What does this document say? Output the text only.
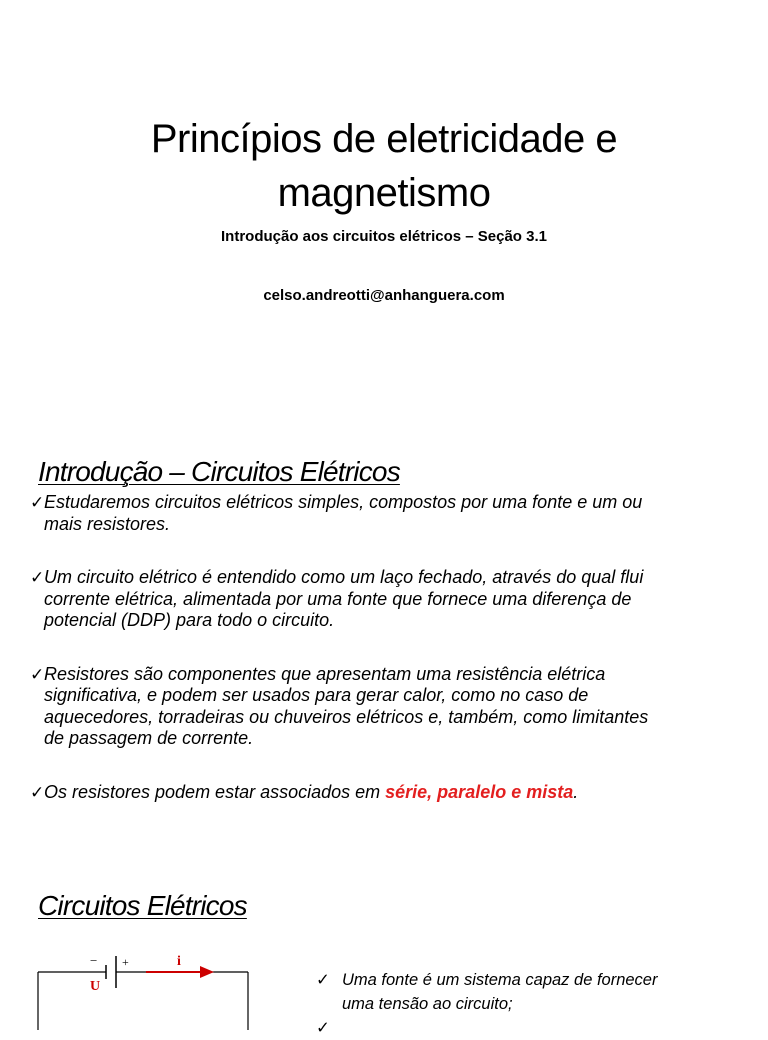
Princípios de eletricidade e
magnetismo
Introdução aos circuitos elétricos – Seção 3.1
celso.andreotti@anhanguera.com
Introdução – Circuitos Elétricos
✓ Estudaremos circuitos elétricos simples, compostos por uma fonte e um ou
mais resistores.
✓ Um circuito elétrico é entendido como um laço fechado, através do qual flui
corrente elétrica, alimentada por uma fonte que fornece uma diferença de
potencial (DDP) para todo o circuito.
✓ Resistores são componentes que apresentam uma resistência elétrica
significativa, e podem ser usados para gerar calor, como no caso de
aquecedores, torradeiras ou chuveiros elétricos e, também, como limitantes
de passagem de corrente.
✓ Os resistores podem estar associados em série, paralelo e mista.
Circuitos Elétricos
− +
U
i
✓ Uma fonte é um sistema capaz de fornecer
uma tensão ao circuito;
✓
